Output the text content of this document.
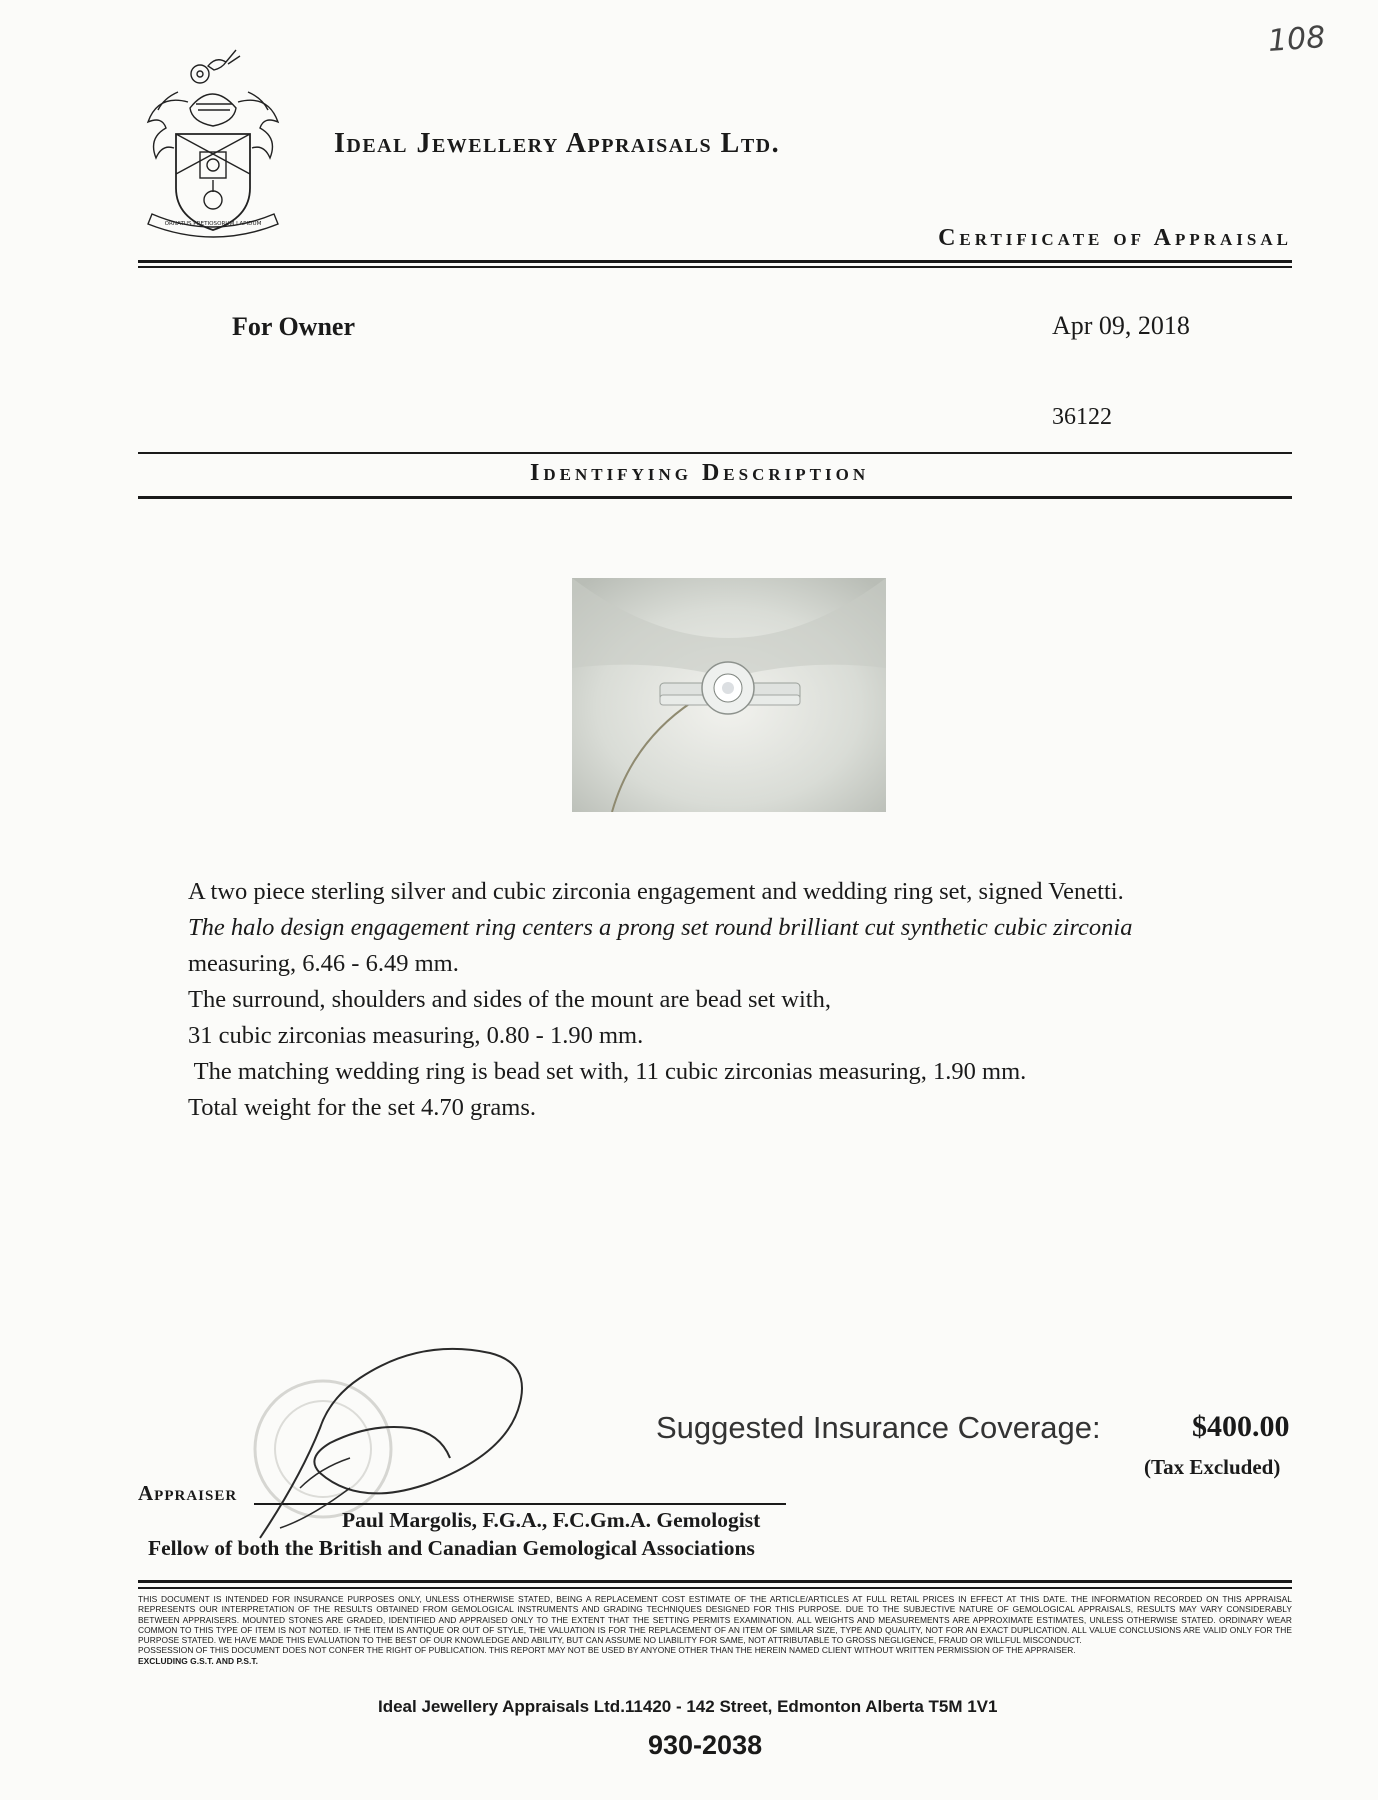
108
ORNATUS PRETIOSORUM LAPIDUM
Ideal Jewellery Appraisals Ltd.
Certificate of Appraisal
For Owner	Apr 09, 2018
36122
Identifying Description

A two piece sterling silver and cubic zirconia engagement and wedding ring set, signed Venetti.

The halo design engagement ring centers a prong set round brilliant cut synthetic cubic zirconia

measuring, 6.46 - 6.49 mm.

The surround, shoulders and sides of the mount are bead set with,

31 cubic zirconias measuring, 0.80 - 1.90 mm.

The matching wedding ring is bead set with, 11 cubic zirconias measuring, 1.90 mm.

Total weight for the set 4.70 grams.

Suggested Insurance Coverage:	$400.00
(Tax Excluded)
Appraiser
Paul Margolis, F.G.A., F.C.Gm.A. Gemologist
Fellow of both the British and Canadian Gemological Associations

THIS DOCUMENT IS INTENDED FOR INSURANCE PURPOSES ONLY, UNLESS OTHERWISE STATED, BEING A REPLACEMENT COST ESTIMATE OF THE ARTICLE/ARTICLES AT FULL RETAIL PRICES IN EFFECT AT THIS DATE. THE INFORMATION RECORDED ON THIS APPRAISAL REPRESENTS OUR INTERPRETATION OF THE RESULTS OBTAINED FROM GEMOLOGICAL INSTRUMENTS AND GRADING TECHNIQUES DESIGNED FOR THIS PURPOSE. DUE TO THE SUBJECTIVE NATURE OF GEMOLOGICAL APPRAISALS, RESULTS MAY VARY CONSIDERABLY BETWEEN APPRAISERS. MOUNTED STONES ARE GRADED, IDENTIFIED AND APPRAISED ONLY TO THE EXTENT THAT THE SETTING PERMITS EXAMINATION. ALL WEIGHTS AND MEASUREMENTS ARE APPROXIMATE ESTIMATES, UNLESS OTHERWISE STATED. ORDINARY WEAR COMMON TO THIS TYPE OF ITEM IS NOT NOTED. IF THE ITEM IS ANTIQUE OR OUT OF STYLE, THE VALUATION IS FOR THE REPLACEMENT OF AN ITEM OF SIMILAR SIZE, TYPE AND QUALITY, NOT FOR AN EXACT DUPLICATION. ALL VALUE CONCLUSIONS ARE VALID ONLY FOR THE PURPOSE STATED. WE HAVE MADE THIS EVALUATION TO THE BEST OF OUR KNOWLEDGE AND ABILITY, BUT CAN ASSUME NO LIABILITY FOR SAME, NOT ATTRIBUTABLE TO GROSS NEGLIGENCE, FRAUD OR WILLFUL MISCONDUCT.

POSSESSION OF THIS DOCUMENT DOES NOT CONFER THE RIGHT OF PUBLICATION. THIS REPORT MAY NOT BE USED BY ANYONE OTHER THAN THE HEREIN NAMED CLIENT WITHOUT WRITTEN PERMISSION OF THE APPRAISER.

EXCLUDING G.S.T. AND P.S.T.

Ideal Jewellery Appraisals Ltd.11420 - 142 Street, Edmonton Alberta T5M 1V1
930-2038
